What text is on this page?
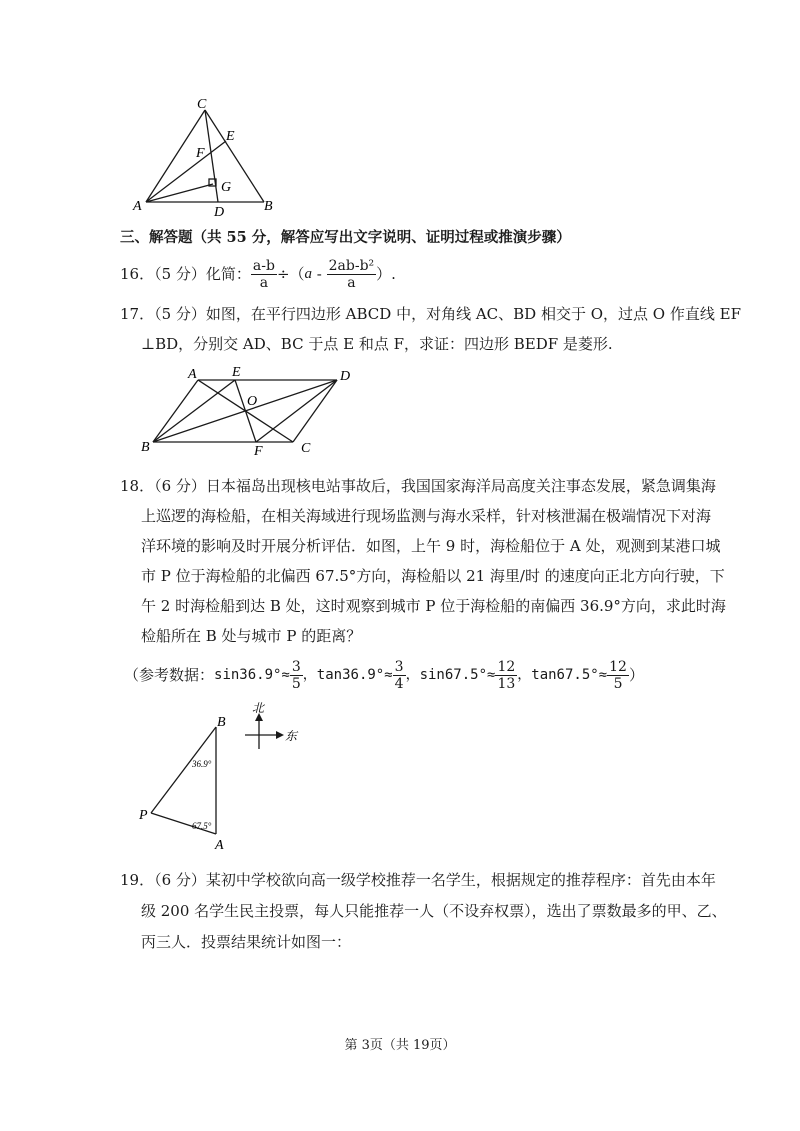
C
E
F
G
A	D	B
三、解答题（共 55 分，解答应写出文字说明、证明过程或推演步骤）
16．（5 分）化简： $\frac{a-b}{a}$ ÷（ a - $\frac{\text{2ab-b²}}{a}$ ）.
17．（5 分）如图，在平行四边形 ABCD 中，对角线 AC、BD 相交于 O，过点 O 作直线 EF
⊥BD，分别交 AD、BC 于点 E 和点 F，求证：四边形 BEDF 是菱形.
A	E	D
O
B	F	C
18．（6 分）日本福岛出现核电站事故后，我国国家海洋局高度关注事态发展，紧急调集海
上巡逻的海检船，在相关海域进行现场监测与海水采样，针对核泄漏在极端情况下对海
洋环境的影响及时开展分析评估．如图，上午 9 时，海检船位于 A 处，观测到某港口城
市 P 位于海检船的北偏西 67.5°方向，海检船以 21 海里/时 的速度向正北方向行驶，下
午 2 时海检船到达 B 处，这时观察到城市 P 位于海检船的南偏西 36.9°方向，求此时海
检船所在 B 处与城市 P 的距离？
（参考数据： $\sin 36.9^\circ\approx \frac{3}{5}$ ，$\tan 36.9^\circ\approx \frac{3}{4}$ ，$\sin 67.5^\circ\approx \frac{12}{13}$ ，$\tan 67.5^\circ\approx \frac{12}{5}$ ）
B
P
A
36.9°
67.5°
北
东
19．（6 分）某初中学校欲向高一级学校推荐一名学生，根据规定的推荐程序：首先由本年
级 200 名学生民主投票，每人只能推荐一人（不设弃权票），选出了票数最多的甲、乙、
丙三人．投票结果统计如图一：
第 3页（共 19页）
